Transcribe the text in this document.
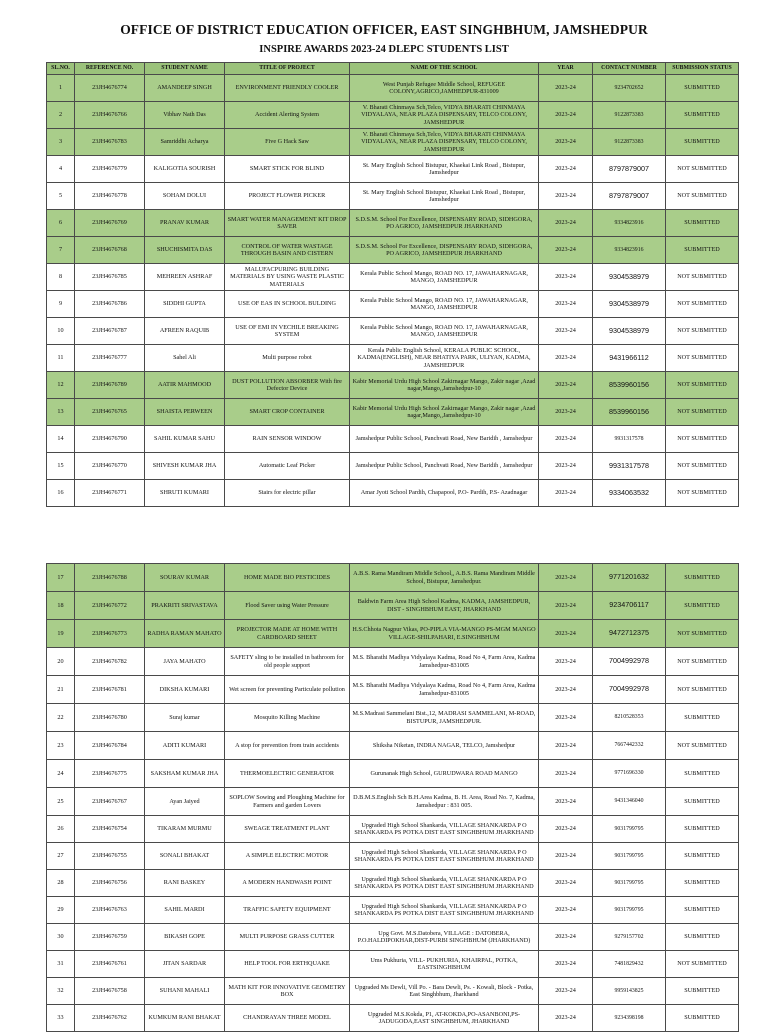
OFFICE OF DISTRICT EDUCATION OFFICER, EAST SINGHBHUM, JAMSHEDPUR
INSPIRE AWARDS 2023-24 DLEPC STUDENTS LIST
SL.NO.	REFERENCE NO.	STUDENT NAME	TITLE OF PROJECT	NAME OF THE SCHOOL	YEAR	CONTACT NUMBER	SUBMISSION STATUS
1	23JH4676774	AMANDEEP SINGH	ENVIRONMENT FRIENDLY COOLER	West Punjab Refugee Middle School, REFUGEE COLONY,AGRICO,JAMHEDPUR-831009	2023-24	9234702652	SUBMITTED
2	23JH4676766	Vibhav Nath Das	Accident Alerting System	V. Bharati Chinmaya Sch,Telco, VIDYA BHARATI CHINMAYA VIDYALAYA, NEAR PLAZA DISPENSARY, TELCO COLONY, JAMSHEDPUR	2023-24	9122873383	SUBMITTED
3	23JH4676783	Samriddhi Acharya	Five G Hack Saw	V. Bharati Chinmaya Sch,Telco, VIDYA BHARATI CHINMAYA VIDYALAYA, NEAR PLAZA DISPENSARY, TELCO COLONY, JAMSHEDPUR	2023-24	9122873383	SUBMITTED
4	23JH4676779	KALIGOTIA SOURISH	SMART STICK FOR BLIND	St. Mary English School Bistupur, Khaekai Link Road , Bistupur, Jamshedpur	2023-24	8797879007	NOT SUBMITTED
5	23JH4676778	SOHAM DOLUI	PROJECT FLOWER PICKER	St. Mary English School Bistupur, Khaekai Link Road , Bistupur, Jamshedpur	2023-24	8797879007	NOT SUBMITTED
6	23JH4676769	PRANAV KUMAR	SMART WATER MANAGEMENT KIT DROP SAVER	S.D.S.M. School For Excellence, DISPENSARY ROAD, SIDHGORA, PO AGRICO, JAMSHEDPUR JHARKHAND	2023-24	9334823916	SUBMITTED
7	23JH4676768	SHUCHISMITA DAS	CONTROL OF WATER WASTAGE THROUGH BASIN AND CISTERN	S.D.S.M. School For Excellence, DISPENSARY ROAD, SIDHGORA, PO AGRICO, JAMSHEDPUR JHARKHAND	2023-24	9334823916	SUBMITTED
8	23JH4676785	MEHREEN ASHRAF	MALUFACPURING BUILDING MATERIALS BY USING WASTE PLASTIC MATERIALS	Kerala Public School Mango, ROAD NO. 17, JAWAHARNAGAR, MANGO, JAMSHEDPUR	2023-24	9304538979	NOT SUBMITTED
9	23JH4676786	SIDDHI GUPTA	USE OF EAS IN SCHOOL BULDING	Kerala Public School Mango, ROAD NO. 17, JAWAHARNAGAR, MANGO, JAMSHEDPUR	2023-24	9304538979	NOT SUBMITTED
10	23JH4676787	AFREEN RAQUIB	USE OF EMI IN VECHILE BREAKING SYSTEM	Kerala Public School Mango, ROAD NO. 17, JAWAHARNAGAR, MANGO, JAMSHEDPUR	2023-24	9304538979	NOT SUBMITTED
11	23JH4676777	Sahel Ali	Multi purpose robot	Kerala Public English School, KERALA PUBLIC SCHOOL, KADMA(ENGLISH), NEAR BHATIYA PARK, ULIYAN, KADMA, JAMSHEDPUR	2023-24	9431966112	NOT SUBMITTED
12	23JH4676789	AATIR MAHMOOD	DUST POLLUTION ABSORBER With fire Defector Device	Kabir Memorial Urdu High School Zakirnagar Mango, Zakir nagar ,Azad nagar,Mango,,Jamshedpur-10	2023-24	8539960156	NOT SUBMITTED
13	23JH4676765	SHAISTA PERWEEN	SMART CROP CONTAINER	Kabir Memorial Urdu High School Zakirnagar Mango, Zakir nagar ,Azad nagar,Mango,,Jamshedpur-10	2023-24	8539960156	NOT SUBMITTED
14	23JH4676790	SAHIL KUMAR SAHU	RAIN SENSOR WINDOW	Jamshedpur Public School, Panchvati Road, New Baridih , Jamshedpur	2023-24	9931317578	NOT SUBMITTED
15	23JH4676770	SHIVESH KUMAR JHA	Automatic Leaf Picker	Jamshedpur Public School, Panchvati Road, New Baridih , Jamshedpur	2023-24	9931317578	NOT SUBMITTED
16	23JH4676771	SHRUTI KUMARI	Stairs for electric pillar	Amar Jyoti School Pardih, Chapapool, P.O- Pardih, P.S- Azadnagar	2023-24	9334063532	NOT SUBMITTED
17	23JH4676788	SOURAV KUMAR	HOME MADE BIO PESTICIDES	A.B.S. Rama Mandiram Middle School,, A.B.S. Rama Mandiram Middle School, Bistupur, Jamshedpur.	2023-24	9771201632	SUBMITTED
18	23JH4676772	PRAKRITI SRIVASTAVA	Flood Saver using Water Pressure	Baldwin Farm Area High School Kadma, KADMA, JAMSHEDPUR, DIST - SINGHBHUM EAST, JHARKHAND	2023-24	9234706117	SUBMITTED
19	23JH4676773	RADHA RAMAN MAHATO	PROJECTOR MADE AT HOME WITH CARDBOARD SHEET	H.S.Chhota Nagpur Vikas, PO-PIPLA VIA-MANGO PS-MGM MANGO VILLAGE-SHILPAHARI, E.SINGHBHUM	2023-24	9472712375	NOT SUBMITTED
20	23JH4676782	JAYA MAHATO	SAFETY sling to be installed in bathroom for old people support	M.S. Bharathi Madhya Vidyalaya Kadma, Road No 4, Farm Area, Kadma Jamshedpur-831005	2023-24	7004992978	NOT SUBMITTED
21	23JH4676781	DIKSHA KUMARI	Wet screen for preventing Particulate pollution	M.S. Bharathi Madhya Vidyalaya Kadma, Road No 4, Farm Area, Kadma Jamshedpur-831005	2023-24	7004992978	NOT SUBMITTED
22	23JH4676780	Suraj kumar	Mosquito Killing Machine	M.S.Madrasi Sammelani Bist.,12, MADRASI SAMMELANI, M-ROAD, BISTUPUR, JAMSHEDPUR.	2023-24	8210528353	SUBMITTED
23	23JH4676784	ADITI KUMARI	A stop for prevention from train accidents	Shiksha Niketan, INDRA NAGAR, TELCO, Jamshedpur	2023-24	7667442332	NOT SUBMITTED
24	23JH4676775	SAKSHAM KUMAR JHA	THERMOELECTRIC GENERATOR	Gurunanak High School, GURUDWARA ROAD MANGO	2023-24	9771696330	SUBMITTED
25	23JH4676767	Ayan Jaiyed	SOPLOW Sowing and Ploughing Machine for Farmers and garden Lovers	D.B.M.S.English Sch B.H.Area Kadma, B. H. Area, Road No. 7, Kadma, Jamshedpur : 831 005.	2023-24	9431346040	SUBMITTED
26	23JH4676754	TIKARAM MURMU	SWEAGE TREATMENT PLANT	Upgraded High School Shankarda, VILLAGE SHANKARDA P O SHANKARDA PS POTKA DIST EAST SINGHBHUM JHARKHAND	2023-24	9031799795	SUBMITTED
27	23JH4676755	SONALI BHAKAT	A SIMPLE ELECTRIC MOTOR	Upgraded High School Shankarda, VILLAGE SHANKARDA P O SHANKARDA PS POTKA DIST EAST SINGHBHUM JHARKHAND	2023-24	9031799795	SUBMITTED
28	23JH4676756	RANI BASKEY	A MODERN HANDWASH POINT	Upgraded High School Shankarda, VILLAGE SHANKARDA P O SHANKARDA PS POTKA DIST EAST SINGHBHUM JHARKHAND	2023-24	9031799795	SUBMITTED
29	23JH4676763	SAHIL MARDI	TRAFFIC SAFETY EQUIPMENT	Upgraded High School Shankarda, VILLAGE SHANKARDA P O SHANKARDA PS POTKA DIST EAST SINGHBHUM JHARKHAND	2023-24	9031799795	SUBMITTED
30	23JH4676759	BIKASH GOPE	MULTI PURPOSE GRASS CUTTER	Upg Govt. M.S.Datobera, VILLAGE : DATOBERA, P.O.HALDIPOKHAR,DIST-PURBI SINGHBHUM (JHARKHAND)	2023-24	9279157702	SUBMITTED
31	23JH4676761	JITAN SARDAR	HELP TOOL FOR ERTHQUAKE	Ums Pukhuria, VILL- PUKHURIA, KHAIRPAL, POTKA, EASTSINGHBHUM	2023-24	7481829432	NOT SUBMITTED
32	23JH4676758	SUHANI MAHALI	MATH KIT FOR INNOVATIVE GEOMETRY BOX	Upgraded Ms Dewli, Vill Po. - Bara Dewli, Ps. - Kowali, Block - Potka, East Singhbhum, Jharkhand	2023-24	9959143825	SUBMITTED
33	23JH4676762	KUMKUM RANI BHAKAT	CHANDRAYAN THREE MODEL	Upgraded M.S.Kokda, P1, AT-KOKDA,PO-ASANBONI,PS-JADUGODA,EAST SINGHBHUM, JHARKHAND	2023-24	9234398198	SUBMITTED
